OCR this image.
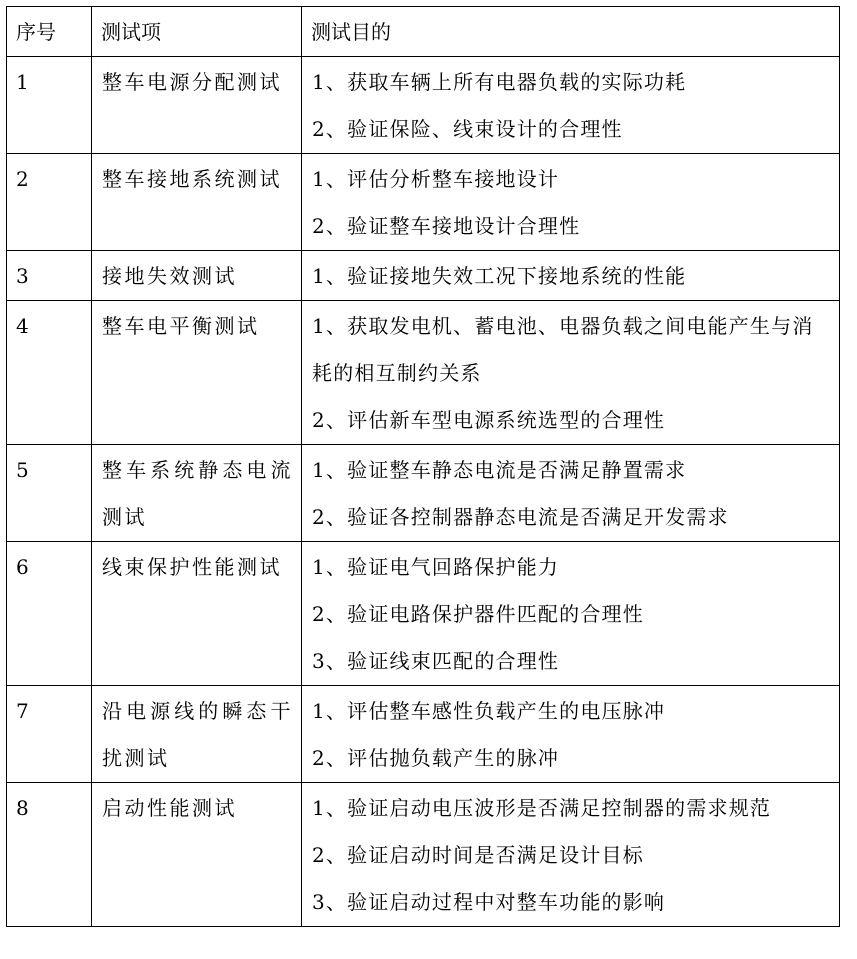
序号	测试项	测试目的

1	整车电源分配测试	1、获取车辆上所有电器负载的实际功耗
2、验证保险、线束设计的合理性

2	整车接地系统测试	1、评估分析整车接地设计
2、验证整车接地设计合理性

3	接地失效测试	1、验证接地失效工况下接地系统的性能

4	整车电平衡测试	1、获取发电机、蓄电池、电器负载之间电能产生与消耗的相互制约关系
2、评估新车型电源系统选型的合理性

5	整车系统静态电流测试	1、验证整车静态电流是否满足静置需求
2、验证各控制器静态电流是否满足开发需求

6	线束保护性能测试	1、验证电气回路保护能力
2、验证电路保护器件匹配的合理性
3、验证线束匹配的合理性

7	沿电源线的瞬态干扰测试	1、评估整车感性负载产生的电压脉冲
2、评估抛负载产生的脉冲

8	启动性能测试	1、验证启动电压波形是否满足控制器的需求规范
2、验证启动时间是否满足设计目标
3、验证启动过程中对整车功能的影响
